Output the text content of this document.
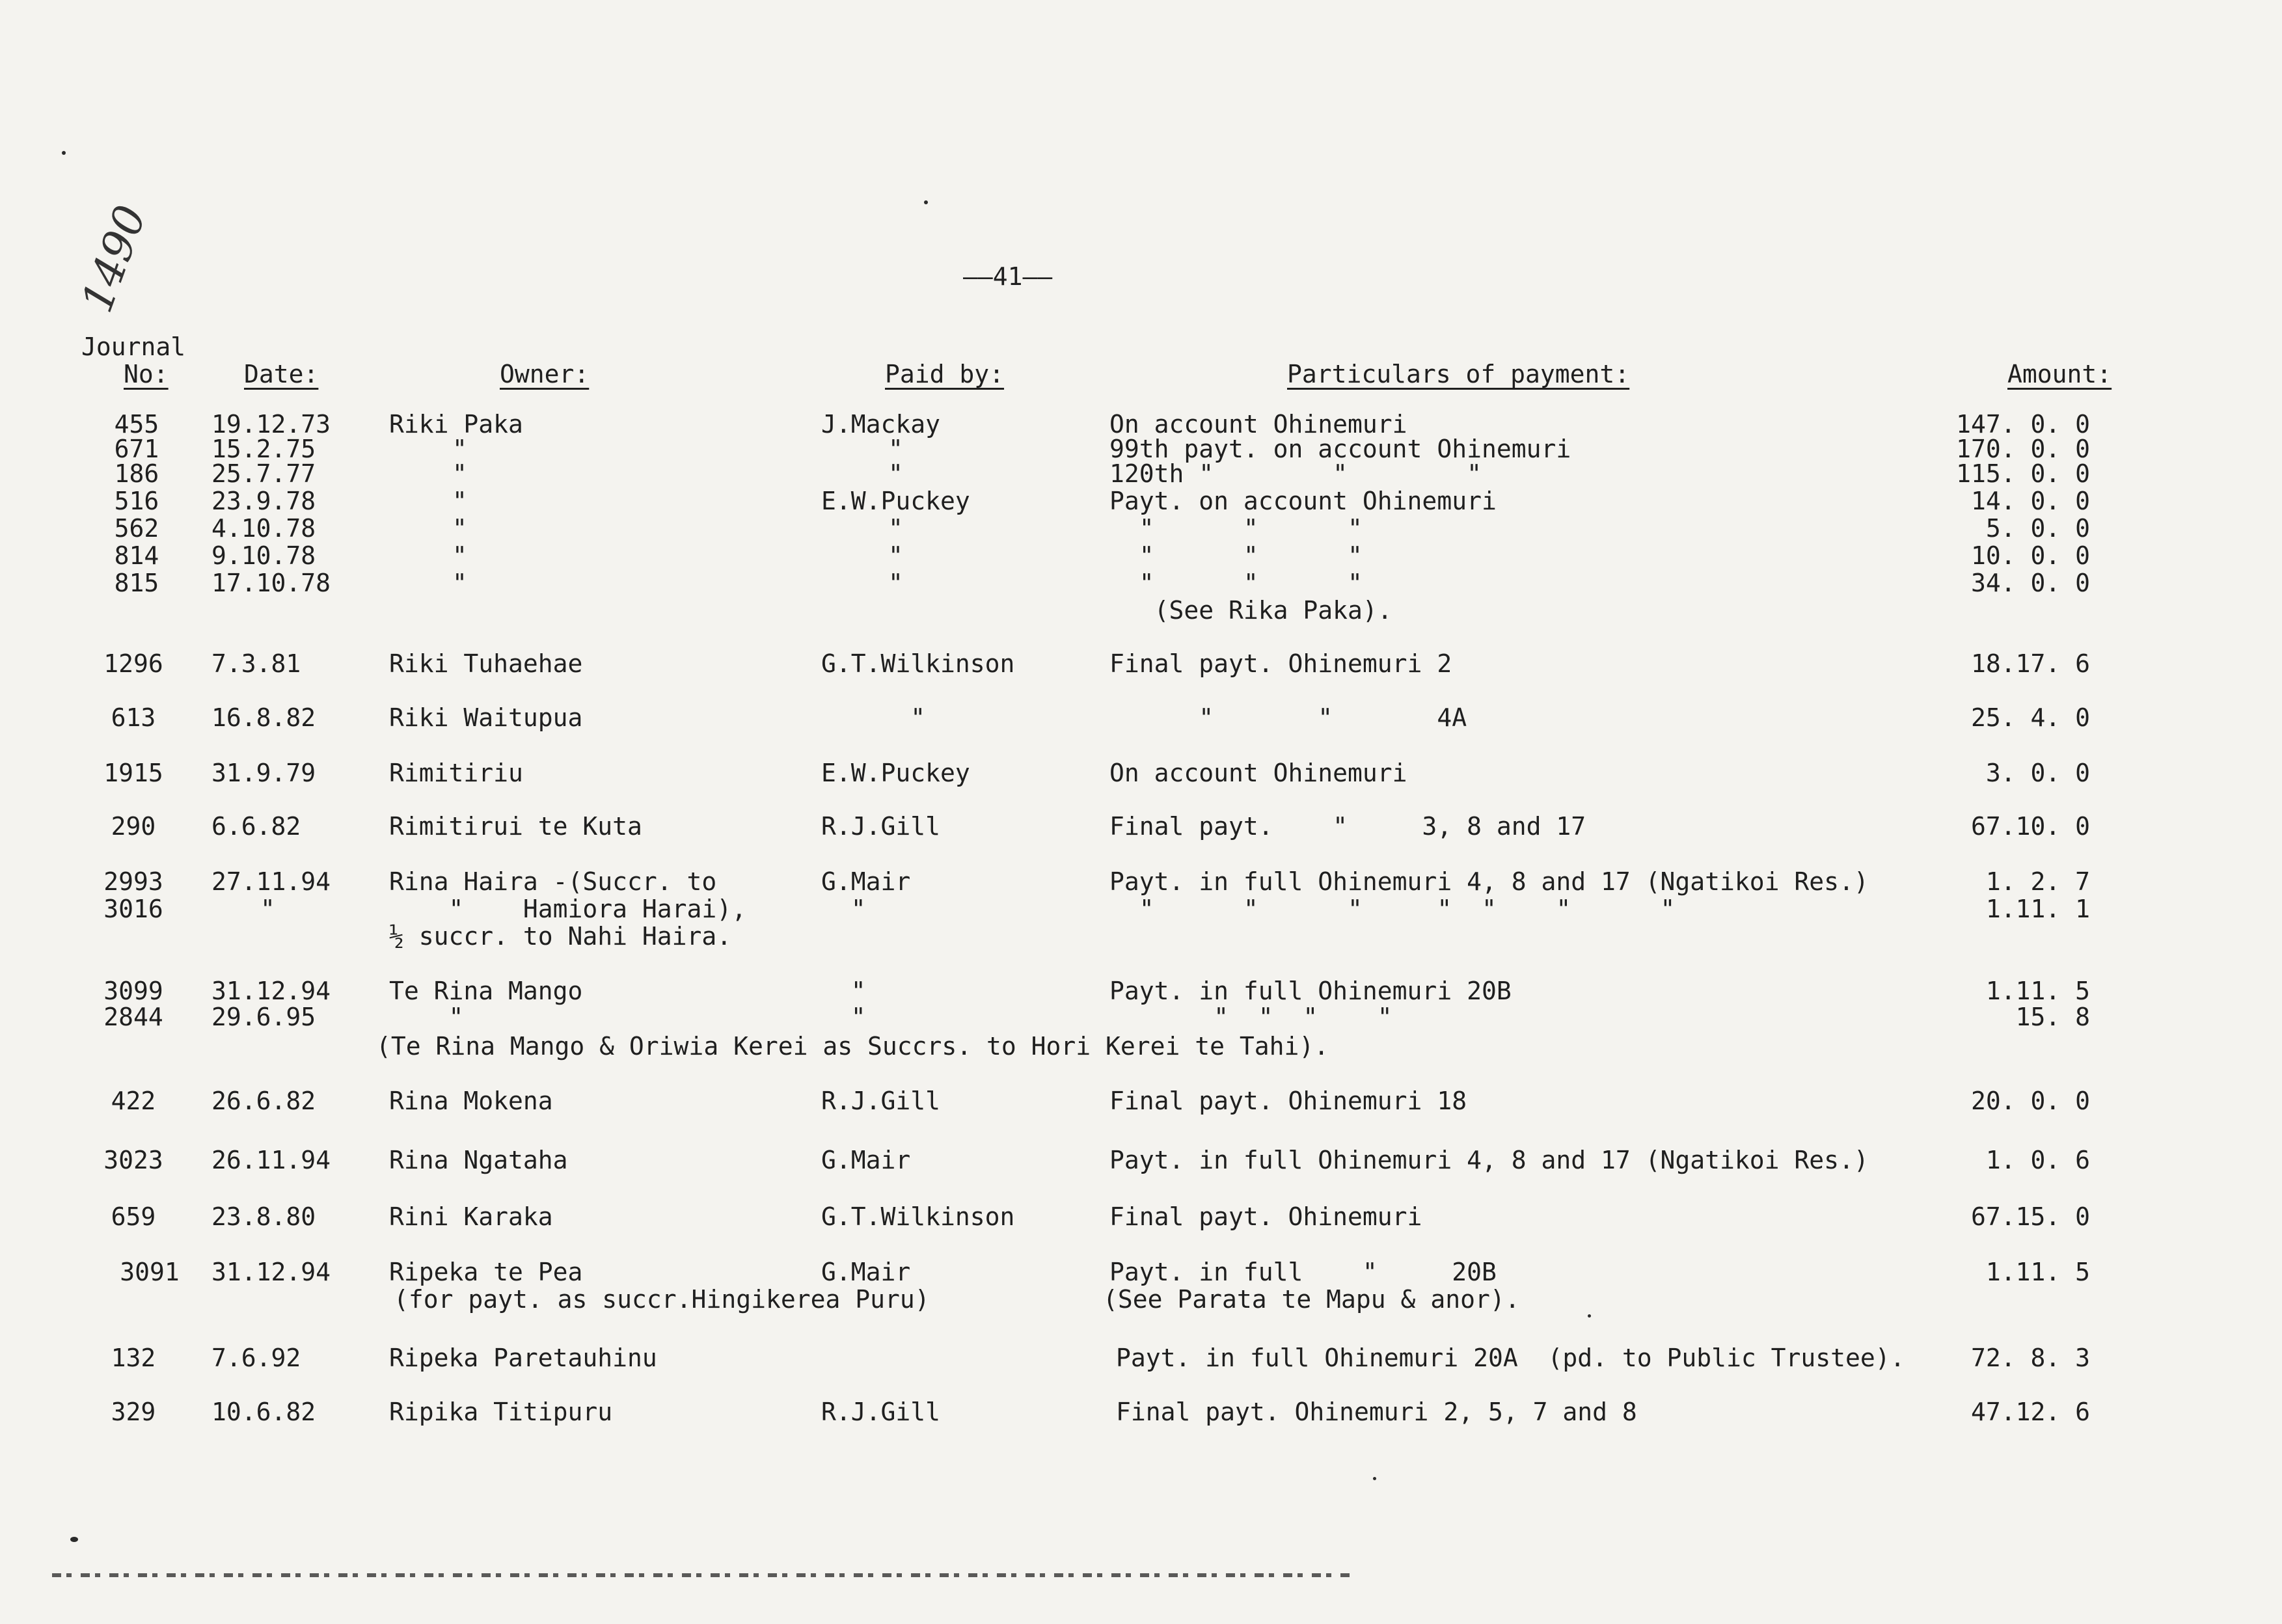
1490	——41——
Journal
No:	Date:	Owner:	Paid by:	Particulars of payment:	Amount:
455	19.12.73 Riki Paka	J.Mackay	On account Ohinemuri	147. 0. 0
671	15.2.75	"	"	99th payt. on account Ohinemuri	170. 0. 0
186	25.7.77	"	"	120th "        "        "	115. 0. 0
516	23.9.78	"	E.W.Puckey	Payt. on account Ohinemuri	14. 0. 0
562	4.10.78	"	"	"      "      "	5. 0. 0
814	9.10.78	"	"	"      "      "	10. 0. 0
815	17.10.78	"	"	"      "      "	34. 0. 0
(See Rika Paka).
1296	7.3.81	Riki Tuhaehae	G.T.Wilkinson	Final payt. Ohinemuri 2	18.17. 6
613	16.8.82	Riki Waitupua	"	"       "       4A	25. 4. 0
1915	31.9.79	Rimitiriu	E.W.Puckey	On account Ohinemuri	3. 0. 0
290	6.6.82	Rimitirui te Kuta	R.J.Gill	Final payt.    "     3, 8 and 17	67.10. 0
2993	27.11.94 Rina Haira -(Succr. to	G.Mair	Payt. in full Ohinemuri 4, 8 and 17 (Ngatikoi Res.)	1. 2. 7
3016	"	"    Hamiora Harai),	"	"      "      "     "  "    "      "	1.11. 1
½ succr. to Nahi Haira.
3099	31.12.94 Te Rina Mango	"	Payt. in full Ohinemuri 20B	1.11. 5
2844	29.6.95	"	"	"  "  "    "	15. 8
(Te Rina Mango & Oriwia Kerei as Succrs. to Hori Kerei te Tahi).
422	26.6.82	Rina Mokena	R.J.Gill	Final payt. Ohinemuri 18	20. 0. 0
3023	26.11.94 Rina Ngataha	G.Mair	Payt. in full Ohinemuri 4, 8 and 17 (Ngatikoi Res.)	1. 0. 6
659	23.8.80	Rini Karaka	G.T.Wilkinson	Final payt. Ohinemuri	67.15. 0
3091	31.12.94 Ripeka te Pea	G.Mair	Payt. in full    "     20B	1.11. 5
(for payt. as succr.Hingikerea Puru)	(See Parata te Mapu & anor).
132	7.6.92	Ripeka Paretauhinu	Payt. in full Ohinemuri 20A  (pd. to Public Trustee).	72. 8. 3
329	10.6.82	Ripika Titipuru	R.J.Gill	Final payt. Ohinemuri 2, 5, 7 and 8	47.12. 6
